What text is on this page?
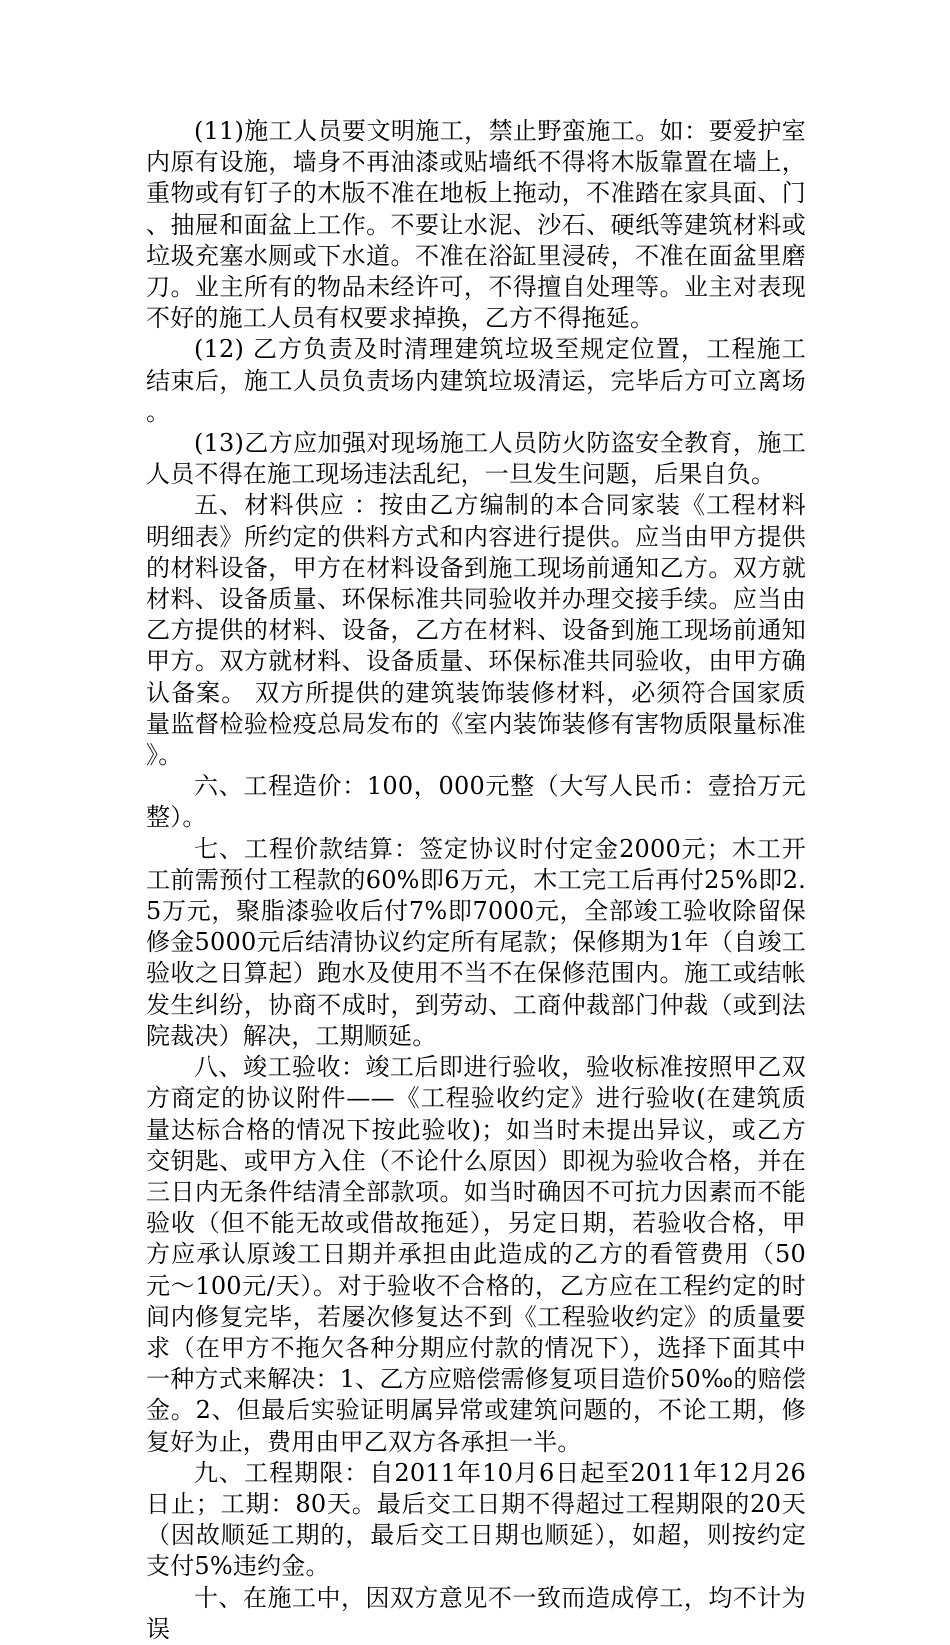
(11)施工人员要文明施工，禁止野蛮施工。如：要爱护室内原有设施，墙身不再油漆或贴墙纸不得将木版靠置在墙上，重物或有钉子的木版不准在地板上拖动，不准踏在家具面、门、抽屉和面盆上工作。不要让水泥、沙石、硬纸等建筑材料或垃圾充塞水厕或下水道。不准在浴缸里浸砖，不准在面盆里磨刀。业主所有的物品未经许可，不得擅自处理等。业主对表现不好的施工人员有权要求掉换，乙方不得拖延。

(12) 乙方负责及时清理建筑垃圾至规定位置，工程施工结束后，施工人员负责场内建筑垃圾清运，完毕后方可立离场。

(13)乙方应加强对现场施工人员防火防盗安全教育，施工人员不得在施工现场违法乱纪，一旦发生问题，后果自负。

五、材料供应 ：按由乙方编制的本合同家装《工程材料明细表》所约定的供料方式和内容进行提供。应当由甲方提供的材料设备，甲方在材料设备到施工现场前通知乙方。双方就材料、设备质量、环保标准共同验收并办理交接手续。应当由乙方提供的材料、设备，乙方在材料、设备到施工现场前通知甲方。双方就材料、设备质量、环保标准共同验收，由甲方确认备案。 双方所提供的建筑装饰装修材料，必须符合国家质量监督检验检疫总局发布的《室内装饰装修有害物质限量标准》。

六、工程造价：100，000元整（大写人民币：壹拾万元整）。

七、工程价款结算：签定协议时付定金2000元；木工开工前需预付工程款的60%即6万元，木工完工后再付25%即2.5万元，聚脂漆验收后付7%即7000元，全部竣工验收除留保修金5000元后结清协议约定所有尾款；保修期为1年（自竣工验收之日算起）跑水及使用不当不在保修范围内。施工或结帐发生纠纷，协商不成时，到劳动、工商仲裁部门仲裁（或到法院裁决）解决，工期顺延。

八、竣工验收：竣工后即进行验收，验收标准按照甲乙双方商定的协议附件——《工程验收约定》进行验收(在建筑质量达标合格的情况下按此验收)；如当时未提出异议，或乙方交钥匙、或甲方入住（不论什么原因）即视为验收合格，并在三日内无条件结清全部款项。如当时确因不可抗力因素而不能验收（但不能无故或借故拖延），另定日期，若验收合格，甲方应承认原竣工日期并承担由此造成的乙方的看管费用（50元～100元/天）。对于验收不合格的，乙方应在工程约定的时间内修复完毕，若屡次修复达不到《工程验收约定》的质量要求（在甲方不拖欠各种分期应付款的情况下），选择下面其中一种方式来解决：1、乙方应赔偿需修复项目造价50‰的赔偿金。2、但最后实验证明属异常或建筑问题的，不论工期，修复好为止，费用由甲乙双方各承担一半。

九、工程期限：自2011年10月6日起至2011年12月26日止；工期：80天。最后交工日期不得超过工程期限的20天（因故顺延工期的，最后交工日期也顺延），如超，则按约定支付5%违约金。

十、在施工中，因双方意见不一致而造成停工，均不计为误
